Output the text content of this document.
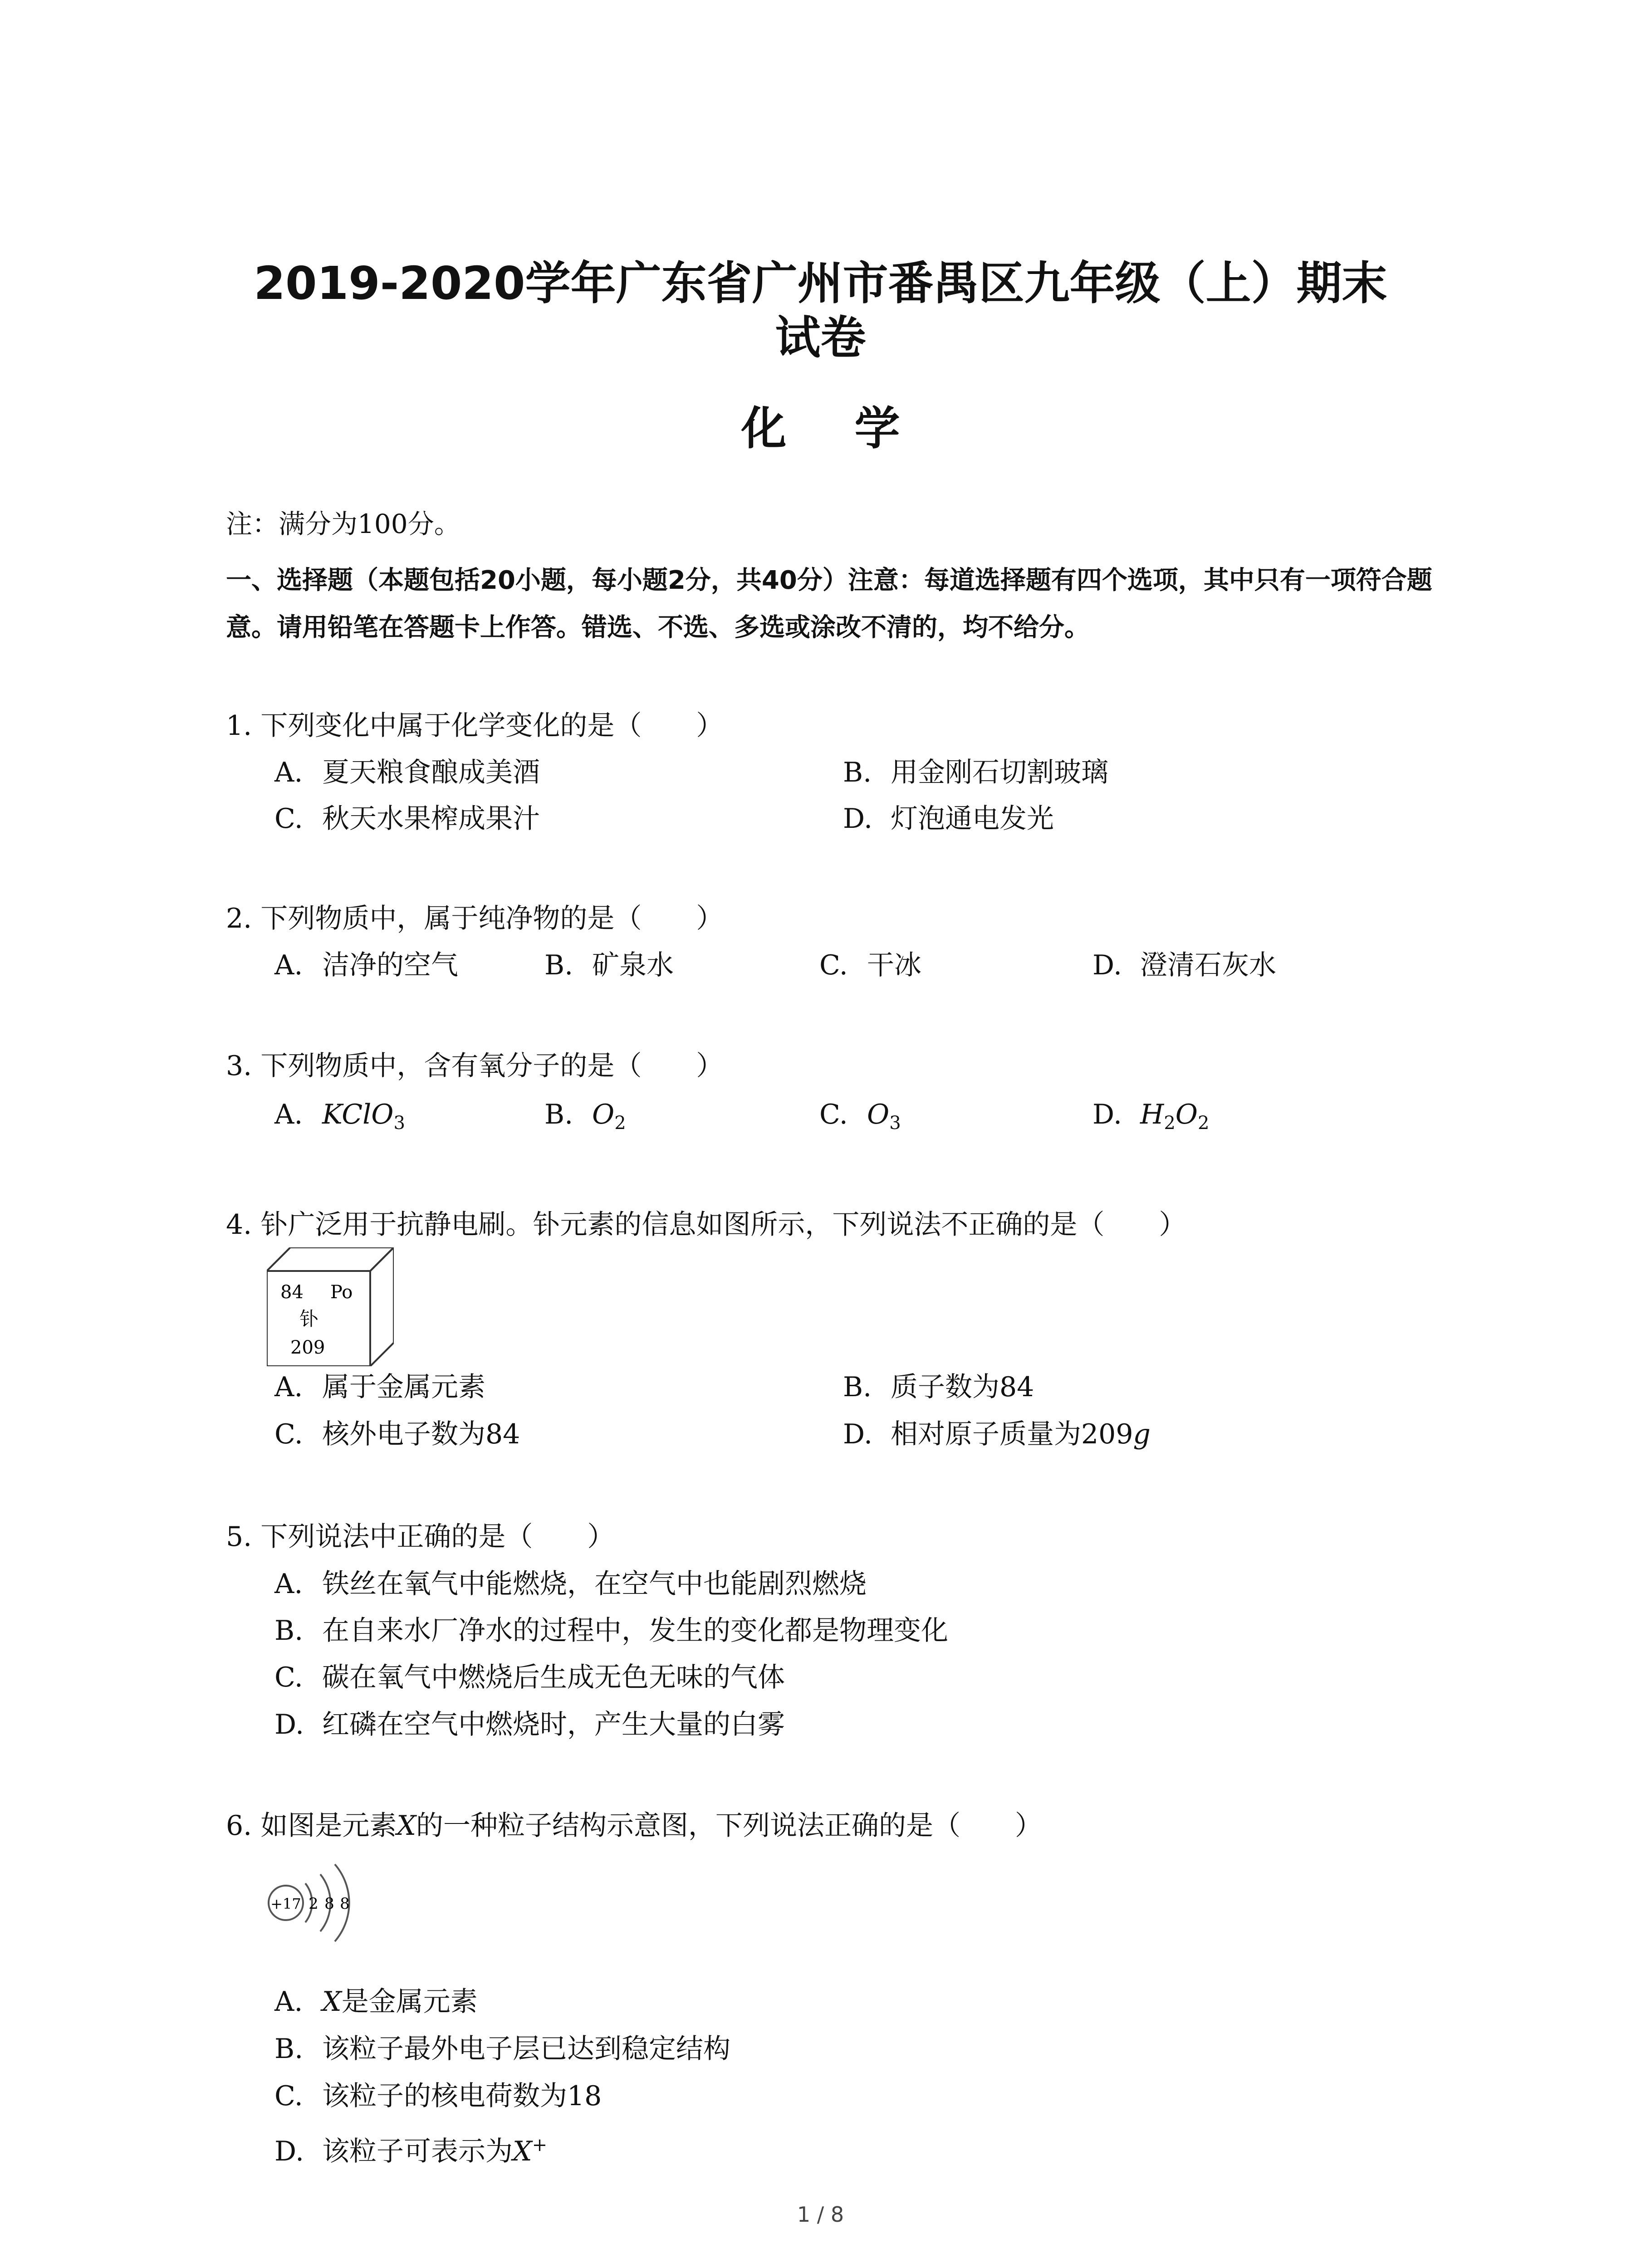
2019-2020学年广东省广州市番禺区九年级（上）期末
试卷
化学
注：满分为100分。
一、选择题（本题包括20小题，每小题2分，共40分）注意：每道选择题有四个选项，其中只有一项符合题意。请用铅笔在答题卡上作答。错选、不选、多选或涂改不清的，均不给分。
1. 下列变化中属于化学变化的是（　　）
A. 夏天粮食酿成美酒	B. 用金刚石切割玻璃
C. 秋天水果榨成果汁	D. 灯泡通电发光
2. 下列物质中，属于纯净物的是（　　）
A. 洁净的空气	B. 矿泉水	C. 干冰	D. 澄清石灰水
3. 下列物质中，含有氧分子的是（　　）
A. KClO$_3$	B. $O_2$	C. $O_3$	D. $H_2O_2$
4. 钋广泛用于抗静电刷。钋元素的信息如图所示，下列说法不正确的是（　　）
84 Po
钋
209
A. 属于金属元素	B. 质子数为84
C. 核外电子数为84	D. 相对原子质量为209g
5. 下列说法中正确的是（　　）
A. 铁丝在氧气中能燃烧，在空气中也能剧烈燃烧
B. 在自来水厂净水的过程中，发生的变化都是物理变化
C. 碳在氧气中燃烧后生成无色无味的气体
D. 红磷在空气中燃烧时，产生大量的白雾
6. 如图是元素X的一种粒子结构示意图，下列说法正确的是（　　）
+17 2 8 8
A. X是金属元素
B. 该粒子最外电子层已达到稳定结构
C. 该粒子的核电荷数为18
D. 该粒子可表示为X+
1 / 8
